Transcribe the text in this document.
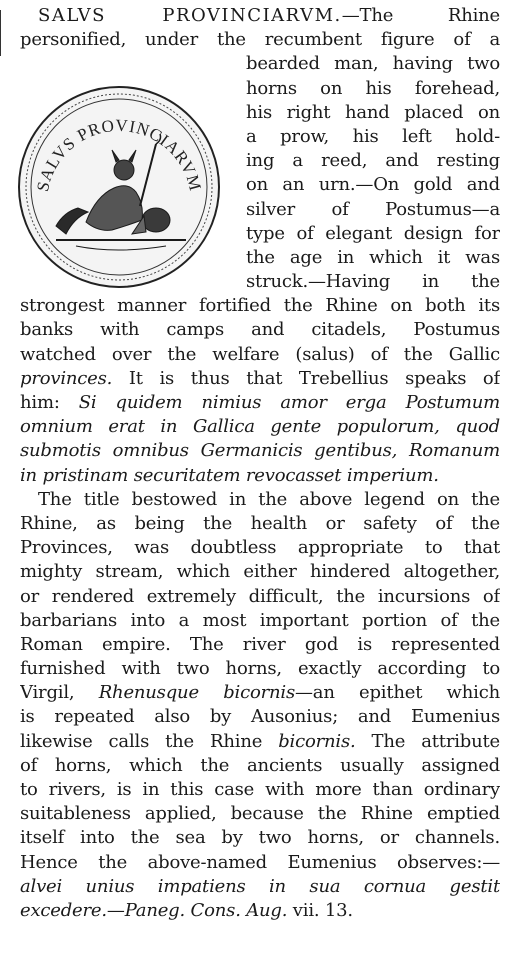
SALVS PROVINCIARVM
SALVS PROVINCIARVM.—The Rhine
personified, under the recumbent figure of a
bearded man, having two
horns on his forehead,
his right hand placed on
a prow, his left hold-
ing a reed, and resting
on an urn.—On gold and
silver of Postumus—a
type of elegant design for
the age in which it was
struck.—Having in the
strongest manner fortified the Rhine on both its
banks with camps and citadels, Postumus
watched over the welfare (salus) of the Gallic
provinces. It is thus that Trebellius speaks of
him: Si quidem nimius amor erga Postumum
omnium erat in Gallica gente populorum, quod
submotis omnibus Germanicis gentibus, Romanum
in pristinam securitatem revocasset imperium.
The title bestowed in the above legend on the
Rhine, as being the health or safety of the
Provinces, was doubtless appropriate to that
mighty stream, which either hindered altogether,
or rendered extremely difficult, the incursions of
barbarians into a most important portion of the
Roman empire. The river god is represented
furnished with two horns, exactly according to
Virgil, Rhenusque bicornis—an epithet which
is repeated also by Ausonius; and Eumenius
likewise calls the Rhine bicornis. The attribute
of horns, which the ancients usually assigned
to rivers, is in this case with more than ordinary
suitableness applied, because the Rhine emptied
itself into the sea by two horns, or channels.
Hence the above-named Eumenius observes:—
alvei unius impatiens in sua cornua gestit
excedere.—Paneg. Cons. Aug. vii. 13.
